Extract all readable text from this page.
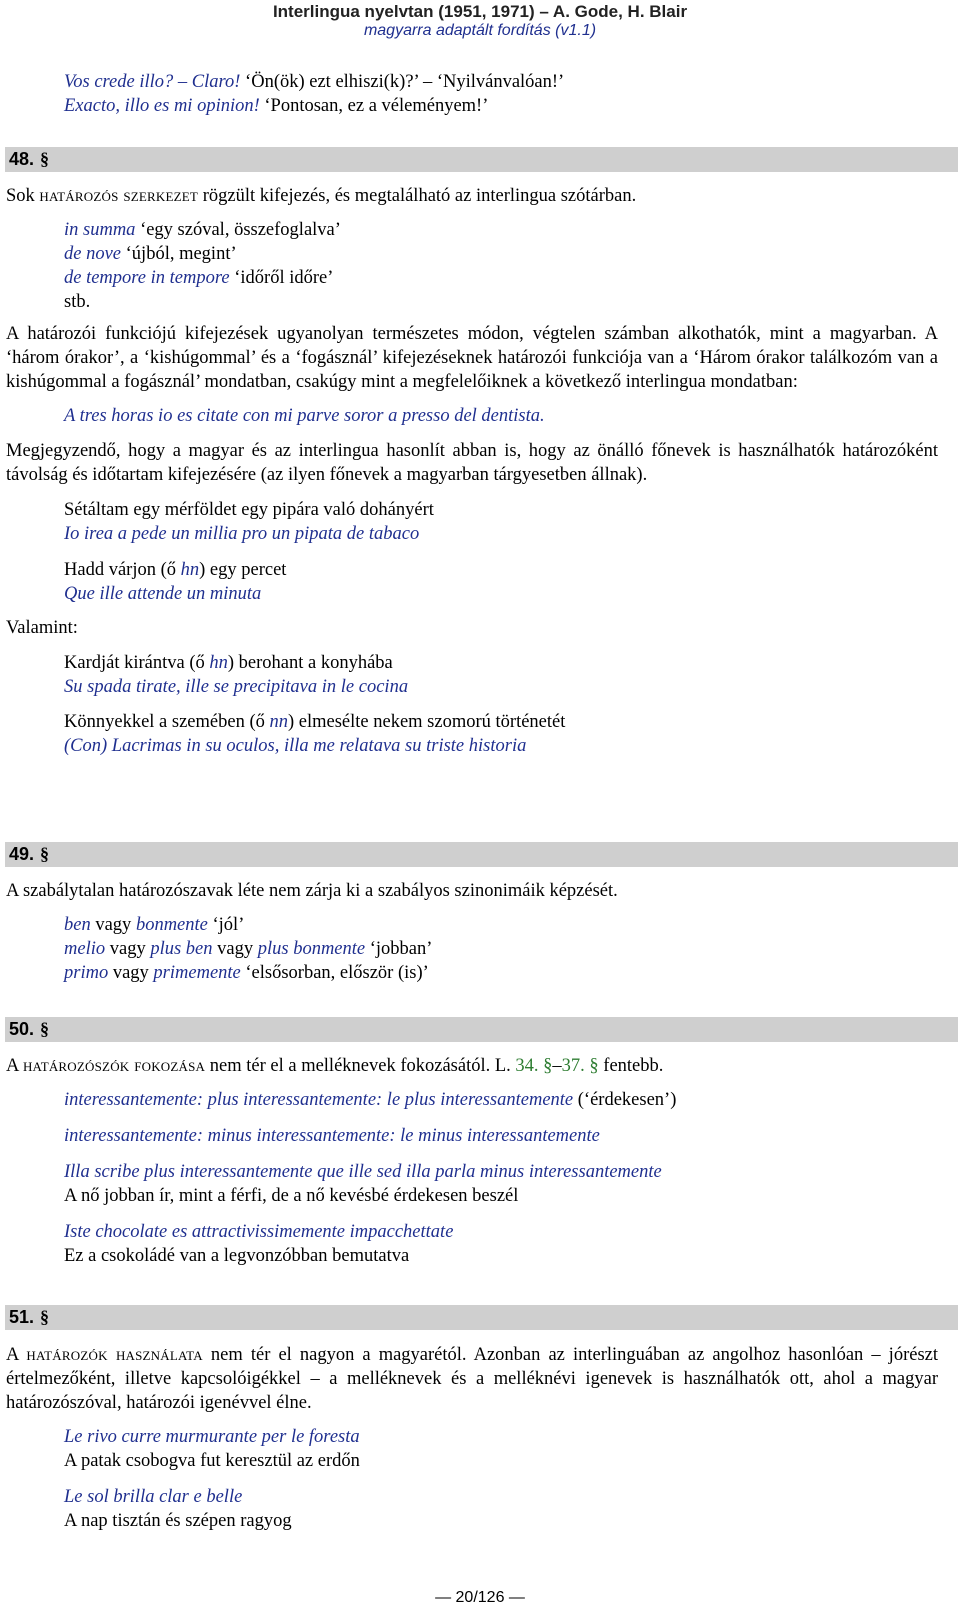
Interlingua nyelvtan (1951, 1971) – A. Gode, H. Blair
magyarra adaptált fordítás (v1.1)
Vos crede illo? – Claro! ‘Ön(ök) ezt elhiszi(k)?’ – ‘Nyilvánvalóan!’
Exacto, illo es mi opinion! ‘Pontosan, ez a véleményem!’
48. §
Sok határozós szerkezet rögzült kifejezés, és megtalálható az interlingua szótárban.
in summa ‘egy szóval, összefoglalva’
de nove ‘újból, megint’
de tempore in tempore ‘időről időre’
stb.
A határozói funkciójú kifejezések ugyanolyan természetes módon, végtelen számban alkothatók, mint a magyarban. A ‘három órakor’, a ‘kishúgommal’ és a ‘fogásznál’ kifejezéseknek határozói funkciója van a ‘Három órakor találkozóm van a kishúgommal a fogásznál’ mondatban, csakúgy mint a megfelelőiknek a következő interlingua mondatban:
A tres horas io es citate con mi parve soror a presso del dentista.
Megjegyzendő, hogy a magyar és az interlingua hasonlít abban is, hogy az önálló főnevek is használhatók határozóként távolság és időtartam kifejezésére (az ilyen főnevek a magyarban tárgyesetben állnak).
Sétáltam egy mérföldet egy pipára való dohányért
Io irea a pede un millia pro un pipata de tabaco
Hadd várjon (ő hn) egy percet
Que ille attende un minuta
Valamint:
Kardját kirántva (ő hn) berohant a konyhába
Su spada tirate, ille se precipitava in le cocina
Könnyekkel a szemében (ő nn) elmesélte nekem szomorú történetét
(Con) Lacrimas in su oculos, illa me relatava su triste historia
49. §
A szabálytalan határozószavak léte nem zárja ki a szabályos szinonimáik képzését.
ben vagy bonmente ‘jól’
melio vagy plus ben vagy plus bonmente ‘jobban’
primo vagy primemente ‘elsősorban, először (is)’
50. §
A határozószók fokozása nem tér el a melléknevek fokozásától. L. 34. §–37. § fentebb.
interessantemente: plus interessantemente: le plus interessantemente (‘érdekesen’)
interessantemente: minus interessantemente: le minus interessantemente
Illa scribe plus interessantemente que ille sed illa parla minus interessantemente
A nő jobban ír, mint a férfi, de a nő kevésbé érdekesen beszél
Iste chocolate es attractivissimemente impacchettate
Ez a csokoládé van a legvonzóbban bemutatva
51. §
A határozók használata nem tér el nagyon a magyarétól. Azonban az interlinguában az angolhoz hasonlóan – jórészt értelmezőként, illetve kapcsolóigékkel – a melléknevek és a melléknévi igenevek is használhatók ott, ahol a magyar határozószóval, határozói igenévvel élne.
Le rivo curre murmurante per le foresta
A patak csobogva fut keresztül az erdőn
Le sol brilla clar e belle
A nap tisztán és szépen ragyog
— 20/126 —
